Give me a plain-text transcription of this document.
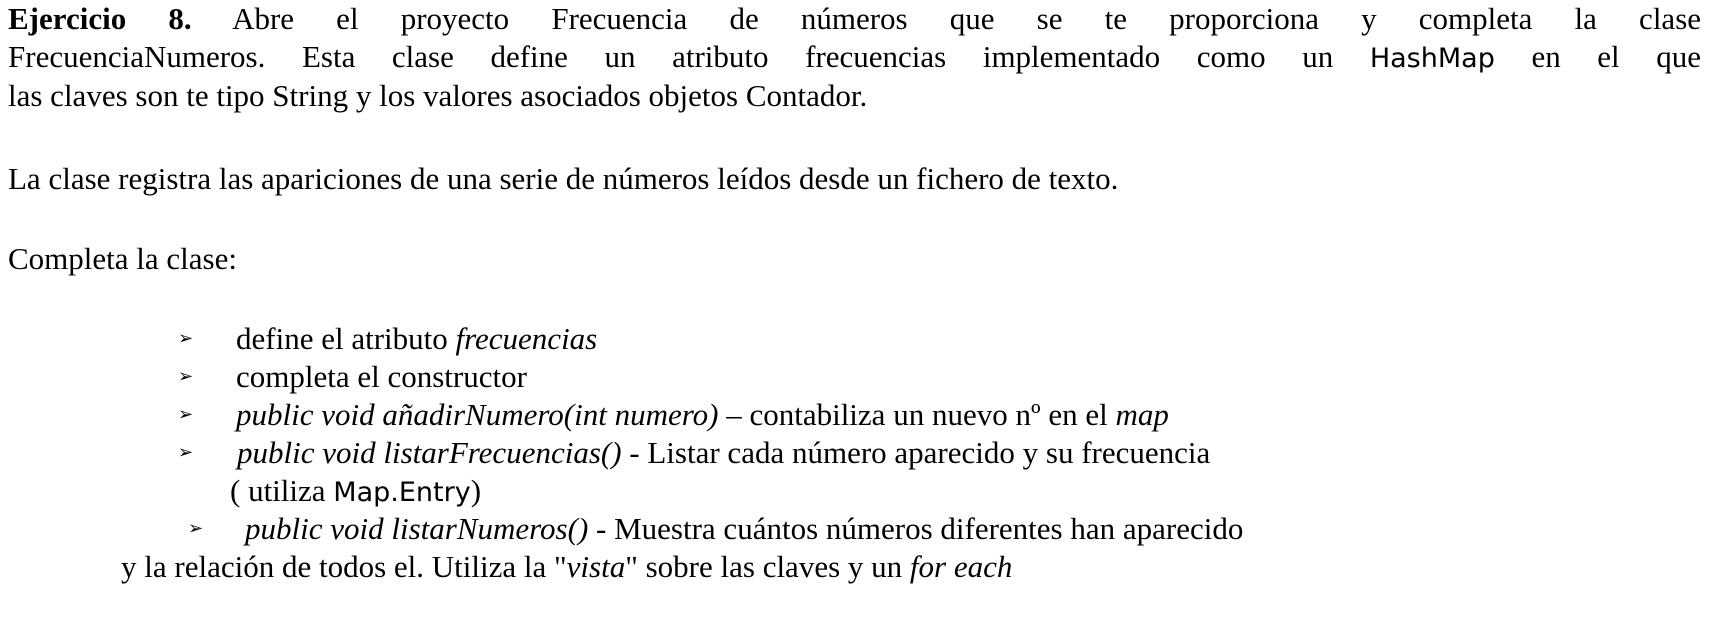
Ejercicio 8. Abre el proyecto Frecuencia de números que se te proporciona y completa la clase
FrecuenciaNumeros. Esta clase define un atributo frecuencias implementado como un HashMap en el que
las claves son te tipo String y los valores asociados objetos Contador.
La clase registra las apariciones de una serie de números leídos desde un fichero de texto.
Completa la clase:
➢ define el atributo frecuencias
➢ completa el constructor
➢ public void añadirNumero(int numero) – contabiliza un nuevo nº en el map
➢ public void listarFrecuencias() - Listar cada número aparecido y su frecuencia
( utiliza Map.Entry)
➢ public void listarNumeros() - Muestra cuántos números diferentes han aparecido
y la relación de todos el. Utiliza la "vista" sobre las claves y un for each
